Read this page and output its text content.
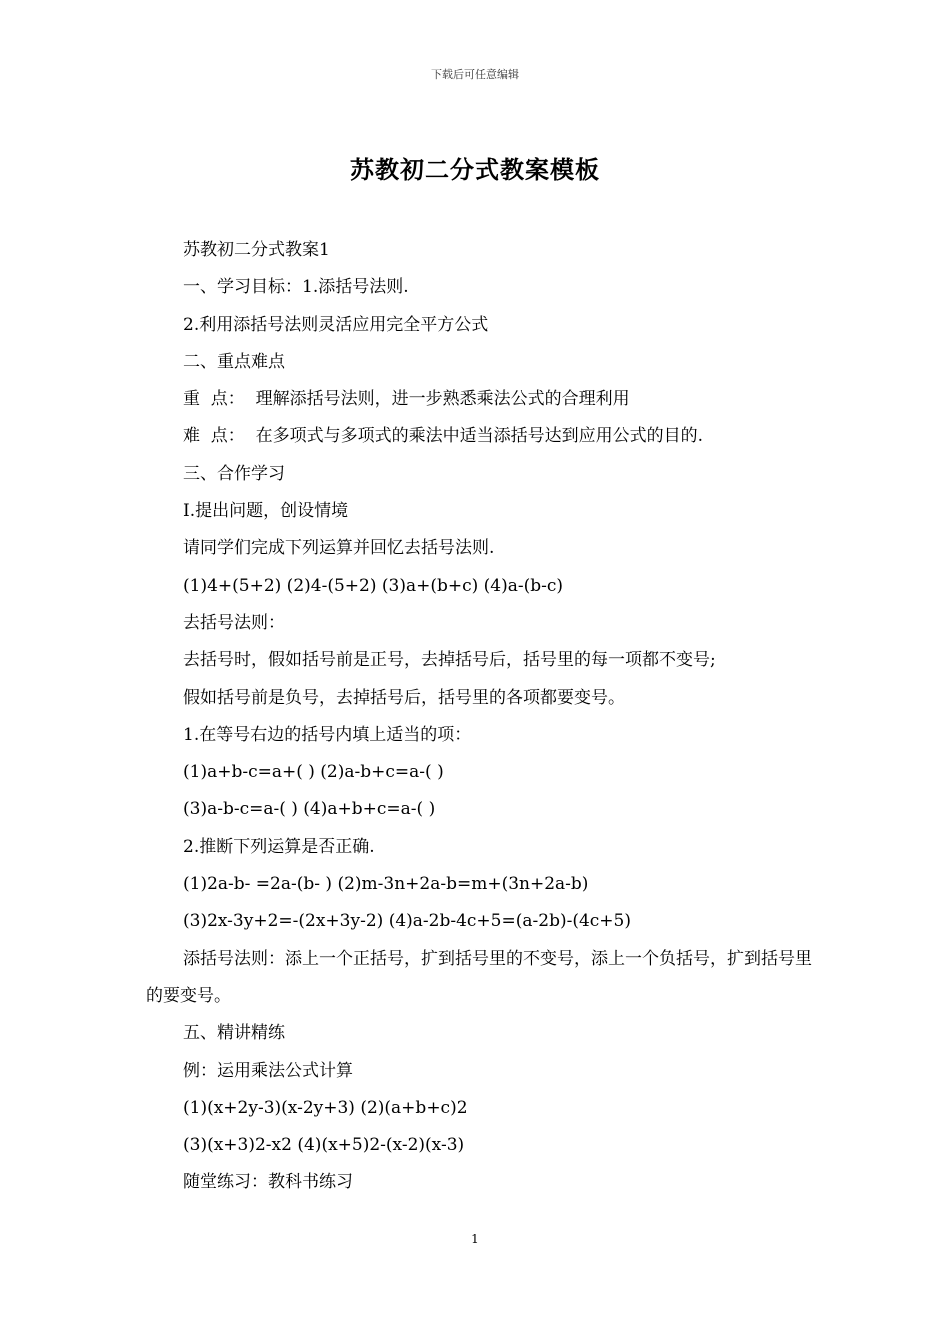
下载后可任意编辑
苏教初二分式教案模板
苏教初二分式教案1
一、学习目标：1.添括号法则.
2.利用添括号法则灵活应用完全平方公式
二、重点难点
重  点：  理解添括号法则，进一步熟悉乘法公式的合理利用
难  点：  在多项式与多项式的乘法中适当添括号达到应用公式的目的.
三、合作学习
Ⅰ.提出问题，创设情境
请同学们完成下列运算并回忆去括号法则.
(1)4+(5+2) (2)4-(5+2) (3)a+(b+c) (4)a-(b-c)
去括号法则：
去括号时，假如括号前是正号，去掉括号后，括号里的每一项都不变号;
假如括号前是负号，去掉括号后，括号里的各项都要变号。
1.在等号右边的括号内填上适当的项：
(1)a+b-c=a+( ) (2)a-b+c=a-( )
(3)a-b-c=a-( ) (4)a+b+c=a-( )
2.推断下列运算是否正确.
(1)2a-b- =2a-(b- ) (2)m-3n+2a-b=m+(3n+2a-b)
(3)2x-3y+2=-(2x+3y-2) (4)a-2b-4c+5=(a-2b)-(4c+5)
添括号法则：添上一个正括号，扩到括号里的不变号，添上一个负括号，扩到括号里的要变号。
五、精讲精练
例：运用乘法公式计算
(1)(x+2y-3)(x-2y+3) (2)(a+b+c)2
(3)(x+3)2-x2 (4)(x+5)2-(x-2)(x-3)
随堂练习：教科书练习
1
